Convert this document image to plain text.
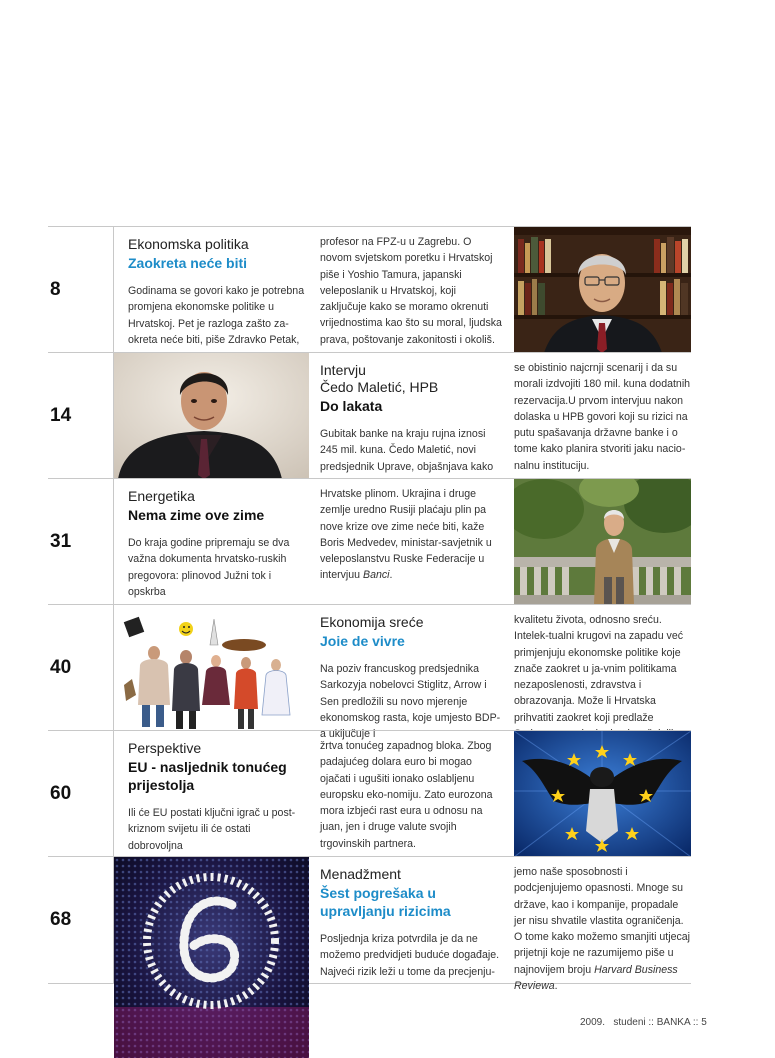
8
Ekonomska politika
Zaokreta neće biti
Godinama se govori kako je potrebna promjena ekonomske politike u Hrvatskoj. Pet je razloga zašto za-okreta neće biti, piše Zdravko Petak,
profesor na FPZ-u u Zagrebu. O novom svjetskom poretku i Hrvatskoj piše i Yoshio Tamura, japanski veleposlanik u Hrvatskoj, koji zaključuje kako se moramo okrenuti vrijednostima kao što su moral, ljudska prava, poštovanje zakonitosti i okoliš.
14
Intervju
Čedo Maletić, HPB
Do lakata
Gubitak banke na kraju rujna iznosi 245 mil. kuna. Čedo Maletić, novi predsjednik Uprave, objašnjava kako
se obistinio najcrnji scenarij i da su morali izdvojiti 180 mil. kuna dodatnih rezervacija.U prvom intervjuu nakon dolaska u HPB govori koji su rizici na putu spašavanja državne banke i o tome kako planira stvoriti jaku nacio-nalnu instituciju.
31
Energetika
Nema zime ove zime
Do kraja godine pripremaju se dva važna dokumenta hrvatsko-ruskih pregovora: plinovod Južni tok i opskrba
Hrvatske plinom. Ukrajina i druge zemlje uredno Rusiji plaćaju plin pa nove krize ove zime neće biti, kaže Boris Medvedev, ministar-savjetnik u veleposlanstvu Ruske Federacije u intervjuu Banci.
40
Ekonomija sreće
Joie de vivre
Na poziv francuskog predsjednika Sarkozyja nobelovci Stiglitz, Arrow i Sen predložili su novo mjerenje ekonomskog rasta, koje umjesto BDP-a uključuje i
kvalitetu života, odnosno sreću. Intelek-tualni krugovi na zapadu već primjenjuju ekonomske politike koje znače zaokret u ja-vnim politikama nezaposlenosti, zdravstva i obrazovanja. Može li Hrvatska prihvatiti zaokret koji predlaže
60
Perspektive
EU - nasljednik tonućeg prijestolja
Ili će EU postati ključni igrač u post-kriznom svijetu ili će ostati dobrovoljna
žrtva tonućeg zapadnog bloka. Zbog padajućeg dolara euro bi mogao ojačati i ugušiti ionako oslabljenu europsku eko-nomiju. Zato eurozona mora izbjeći rast eura u odnosu na juan, jen i druge valute svojih trgovinskih partnera.
68
Menadžment
Šest pogrešaka u upravljanju rizicima
Posljednja kriza potvrdila je da ne možemo predvidjeti buduće događaje. Najveći rizik leži u tome da precjenju-
jemo naše sposobnosti i podcjenjujemo opasnosti. Mnoge su države, kao i kompanije, propadale jer nisu shvatile vlastita ograničenja. O tome kako možemo smanjiti utjecaj prijetnji koje ne razumijemo piše u najnovijem broju Harvard Business Reviewa.
2009. studeni :: BANKA :: 5
